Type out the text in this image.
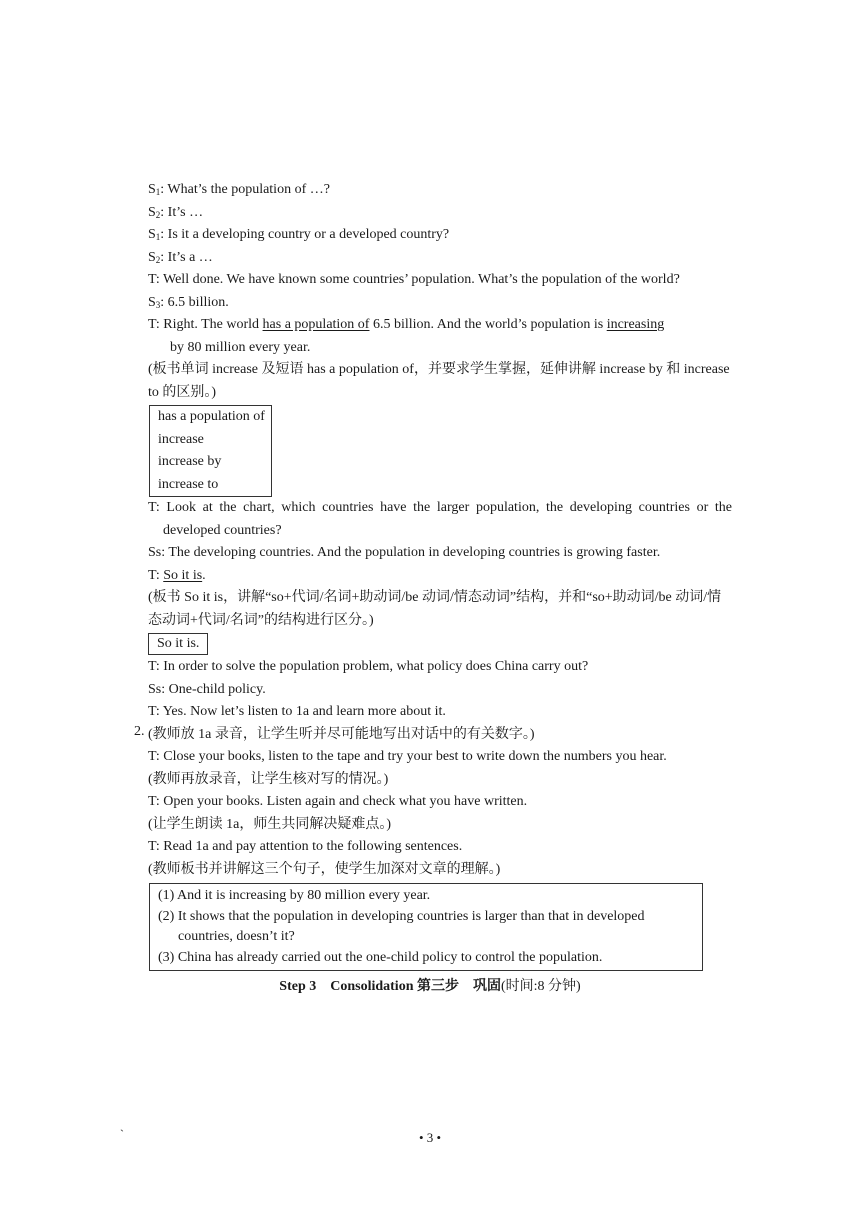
$S_1$: What’s the population of …?
$S_2$: It’s …
$S_1$: Is it a developing country or a developed country?
$S_2$: It’s a …
T: Well done. We have known some countries’ population. What’s the population of the world?
$S_3$: 6.5 billion.
T: Right. The world has a population of 6.5 billion. And the world’s population is increasing
by 80 million every year.
(板书单词 increase 及短语 has a population of，并要求学生掌握，延伸讲解 increase by 和 increase to 的区别。)
has a population of
increase
increase by
increase to
T: Look at the chart, which countries have the larger population, the developing countries or the developed countries?
Ss: The developing countries. And the population in developing countries is growing faster.
T: So it is.
(板书 So it is，讲解“so+代词/名词+助动词/be 动词/情态动词”结构，并和“so+助动词/be 动词/情态动词+代词/名词”的结构进行区分。)
So it is.
T: In order to solve the population problem, what policy does China carry out?
Ss: One-child policy.
T: Yes. Now let’s listen to 1a and learn more about it.
2. (教师放 1a 录音，让学生听并尽可能地写出对话中的有关数字。)
T: Close your books, listen to the tape and try your best to write down the numbers you hear.
(教师再放录音，让学生核对写的情况。)
T: Open your books. Listen again and check what you have written.
(让学生朗读 1a，师生共同解决疑难点。)
T: Read 1a and pay attention to the following sentences.
(教师板书并讲解这三个句子，使学生加深对文章的理解。)
(1) And it is increasing by 80 million every year.
(2) It shows that the population in developing countries is larger than that in developed countries, doesn’t it?
(3) China has already carried out the one-child policy to control the population.
Step 3　Consolidation 第三步　巩固(时间:8 分钟)
`	• 3 •
